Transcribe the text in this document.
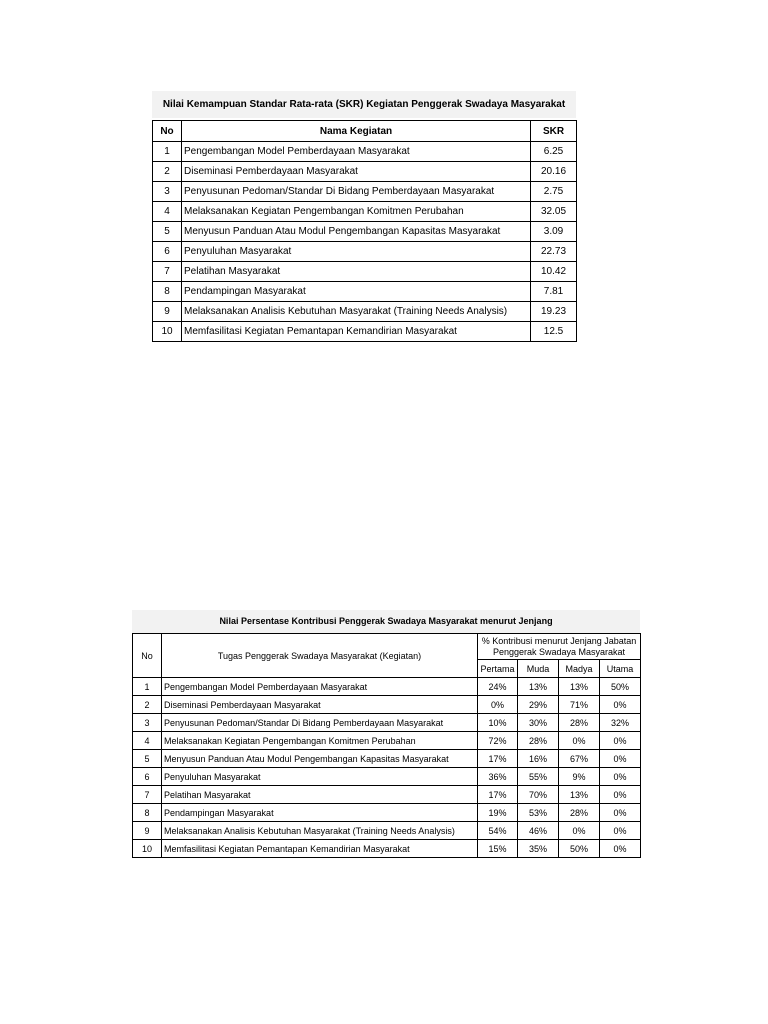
Nilai Kemampuan Standar Rata-rata (SKR) Kegiatan Penggerak Swadaya Masyarakat
No	Nama Kegiatan	SKR
1	Pengembangan Model Pemberdayaan Masyarakat	6.25
2	Diseminasi Pemberdayaan Masyarakat	20.16
3	Penyusunan Pedoman/Standar Di Bidang Pemberdayaan Masyarakat	2.75
4	Melaksanakan Kegiatan Pengembangan Komitmen Perubahan	32.05
5	Menyusun Panduan Atau Modul Pengembangan Kapasitas Masyarakat	3.09
6	Penyuluhan Masyarakat	22.73
7	Pelatihan Masyarakat	10.42
8	Pendampingan Masyarakat	7.81
9	Melaksanakan Analisis Kebutuhan Masyarakat (Training Needs Analysis)	19.23
10	Memfasilitasi Kegiatan Pemantapan Kemandirian Masyarakat	12.5
Nilai Persentase Kontribusi Penggerak Swadaya Masyarakat menurut Jenjang
No	Tugas Penggerak Swadaya Masyarakat (Kegiatan)	% Kontribusi menurut Jenjang Jabatan Penggerak Swadaya Masyarakat			
		Pertama	Muda	Madya	Utama
1	Pengembangan Model Pemberdayaan Masyarakat	24%	13%	13%	50%
2	Diseminasi Pemberdayaan Masyarakat	0%	29%	71%	0%
3	Penyusunan Pedoman/Standar Di Bidang Pemberdayaan Masyarakat	10%	30%	28%	32%
4	Melaksanakan Kegiatan Pengembangan Komitmen Perubahan	72%	28%	0%	0%
5	Menyusun Panduan Atau Modul Pengembangan Kapasitas Masyarakat	17%	16%	67%	0%
6	Penyuluhan Masyarakat	36%	55%	9%	0%
7	Pelatihan Masyarakat	17%	70%	13%	0%
8	Pendampingan Masyarakat	19%	53%	28%	0%
9	Melaksanakan Analisis Kebutuhan Masyarakat (Training Needs Analysis)	54%	46%	0%	0%
10	Memfasilitasi Kegiatan Pemantapan Kemandirian Masyarakat	15%	35%	50%	0%
